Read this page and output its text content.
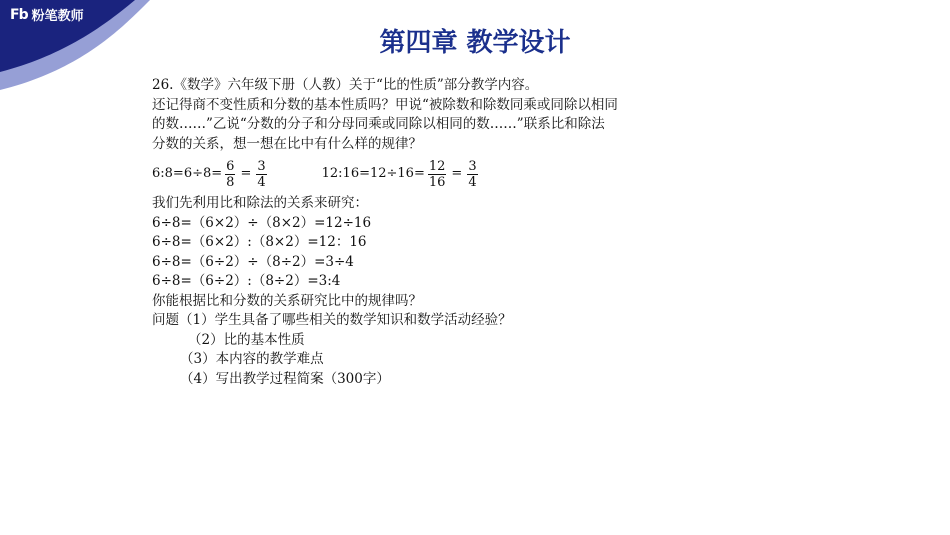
Fb 粉笔教师
第四章 教学设计

26.《数学》六年级下册（人教）关于“比的性质”部分教学内容。

还记得商不变性质和分数的基本性质吗？甲说“被除数和除数同乘或同除以相同

的数……”乙说“分数的分子和分母同乘或同除以相同的数……”联系比和除法

分数的关系，想一想在比中有什么样的规律？

6:8=6÷8= $\frac{6}{8} = \frac{3}{4}$	12:16=12÷16= $\frac{12}{16} = \frac{3}{4}$

我们先利用比和除法的关系来研究：

6÷8=（6×2）÷（8×2）=12÷16

6÷8=（6×2）:（8×2）=12：16

6÷8=（6÷2）÷（8÷2）=3÷4

6÷8=（6÷2）:（8÷2）=3:4

你能根据比和分数的关系研究比中的规律吗？

问题（1）学生具备了哪些相关的数学知识和数学活动经验？

（2）比的基本性质

（3）本内容的教学难点

（4）写出教学过程简案（300字）
